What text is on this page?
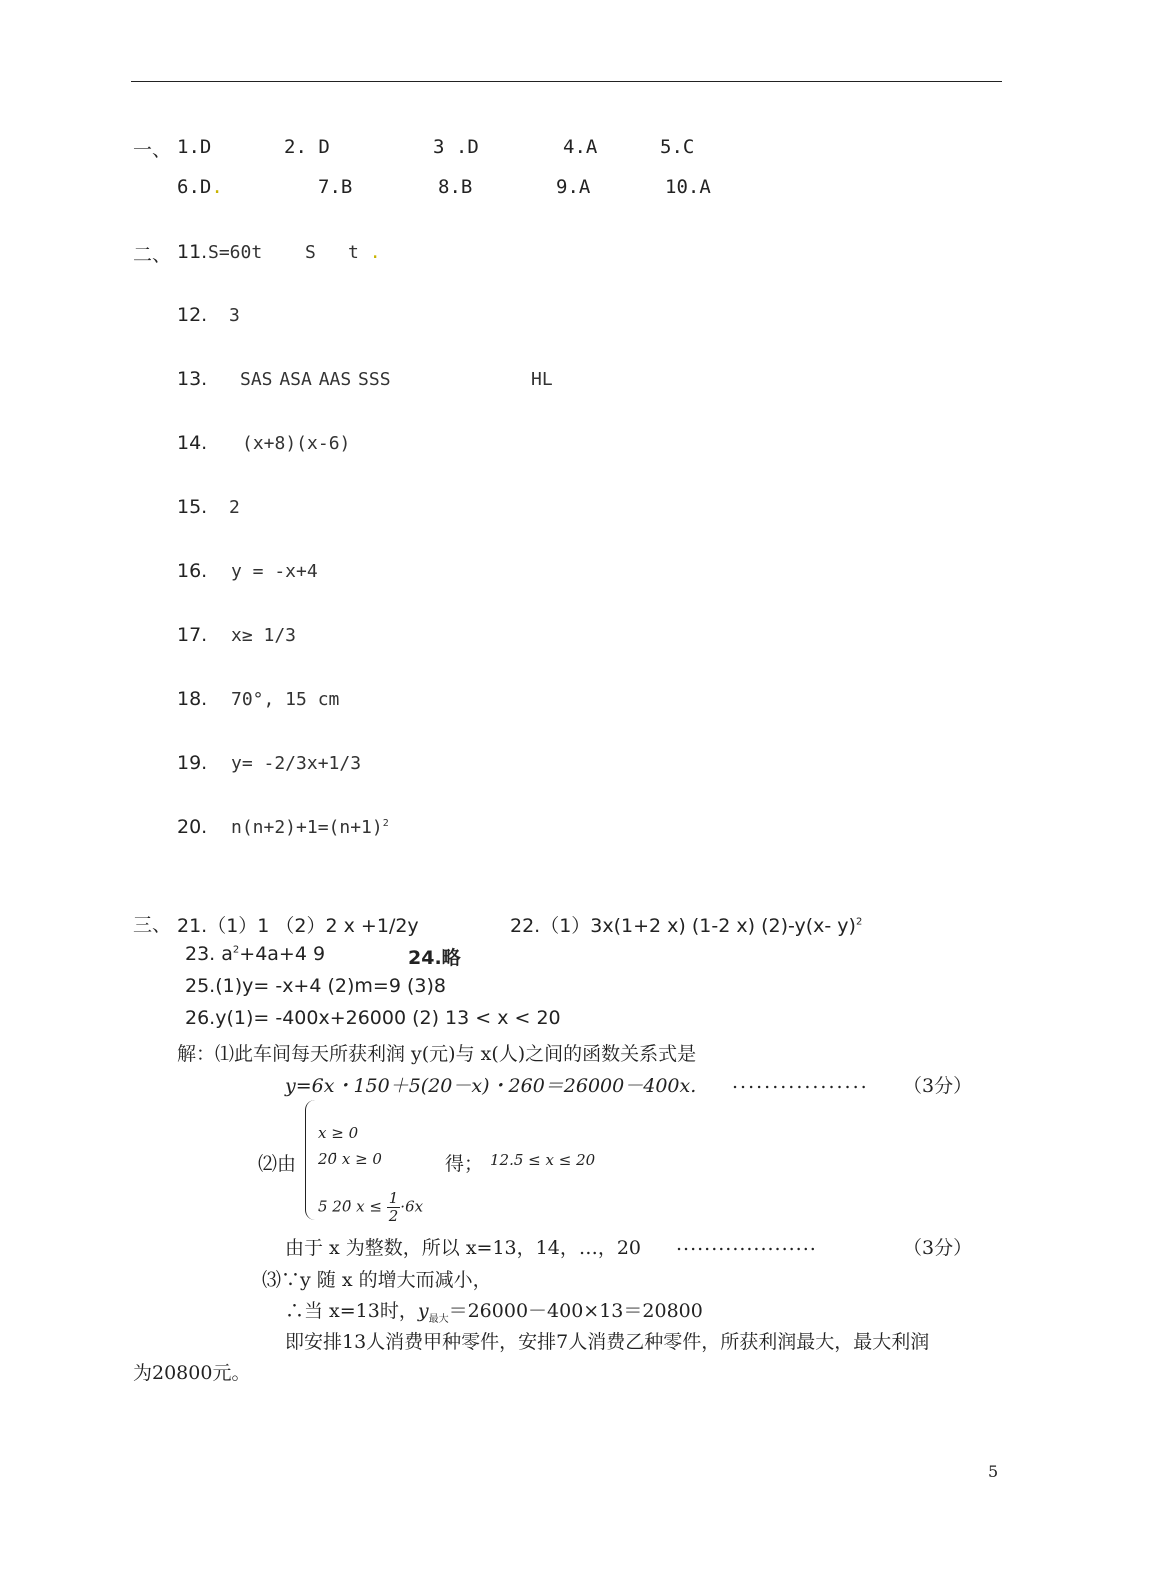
一、 1.D	2. D	3 .D	4.A	5.C
6.D.	7.B	8.B	9.A	10.A
二、 11. S=60t S t .
12. 3
13. SAS ASA AAS SSS	HL
14. (x+8)(x-6)
15. 2
16. y = -x+4
17. x≥ 1/3
18. 70°, 15 cm
19. y= -2/3x+1/3
20. $n(n+2)+1=(n+1)^2$
三、 21.（1）1 （2）2 x +1/2y	22.（1）3x(1+2 x) (1-2 x) (2)-y(x- y)$^2$
23. $a^2+4a+4$ 9	24.略
25.(1)y= -x+4 (2)m=9 (3)8
26.y(1)= -400x+26000 (2) 13 < x < 20
解：⑴此车间每天所获利润 y(元)与 x(人)之间的函数关系式是
y=6x・150＋5(20－x)・260＝26000－400x. ................. （3分）
⑵由
x ≥ 0
20̄ x ≥ 0
5 20̄ $x \le \frac{1}{2} \cdot 6x$
得； 12.5 ≤ x ≤ 20
由于 x 为整数，所以 x=13，14，…，20 ....................	（3分）
⑶∵y 随 x 的增大而减小，
∴当 x=13时，$y_{最大}=26000-400\times 13=20800$
即安排13人消费甲种零件，安排7人消费乙种零件，所获利润最大，最大利润
为20800元。
5
